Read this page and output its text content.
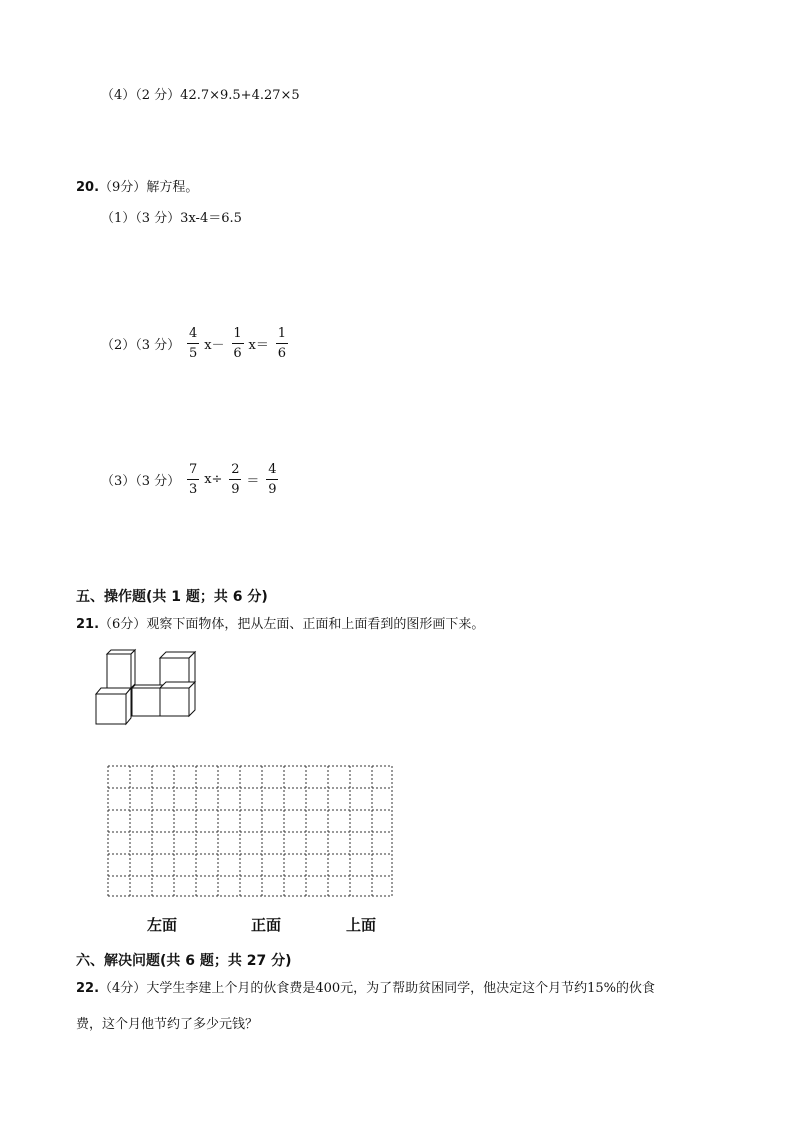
（4）（2 分）42.7×9.5+4.27×5
20.（9分）解方程。
（1）（3 分）3x-4＝6.5
（2）（3 分） $\frac{4}{5} x- \frac{1}{6} x= \frac{1}{6}$
（3）（3 分） $\frac{7}{3} x\div \frac{2}{9} = \frac{4}{9}$
五、操作题(共 1 题；共 6 分)
21.（6分）观察下面物体，把从左面、正面和上面看到的图形画下来。
左面	正面	上面
六、解决问题(共 6 题；共 27 分)
22.（4分）大学生李建上个月的伙食费是400元，为了帮助贫困同学，他决定这个月节约15%的伙食
费，这个月他节约了多少元钱？
